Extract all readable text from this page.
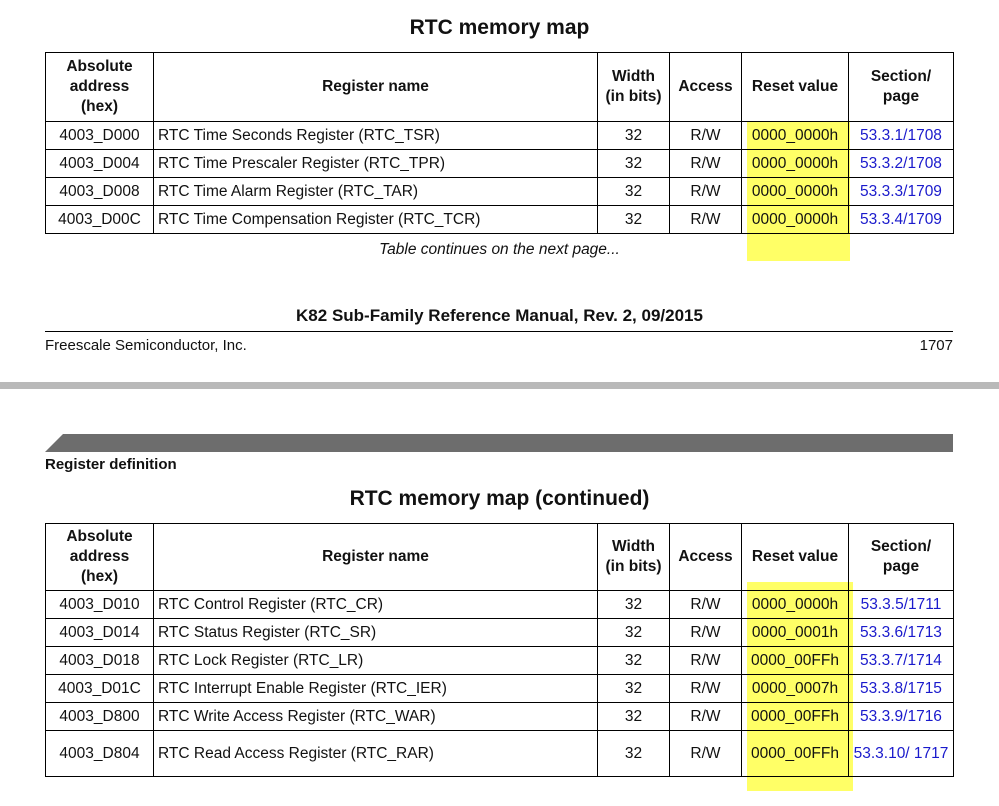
RTC memory map
Absolute address (hex)	Register name	Width (in bits)	Access	Reset value	Section/ page
4003_D000	RTC Time Seconds Register (RTC_TSR)	32	R/W	0000_0000h	53.3.1/1708
4003_D004	RTC Time Prescaler Register (RTC_TPR)	32	R/W	0000_0000h	53.3.2/1708
4003_D008	RTC Time Alarm Register (RTC_TAR)	32	R/W	0000_0000h	53.3.3/1709
4003_D00C	RTC Time Compensation Register (RTC_TCR)	32	R/W	0000_0000h	53.3.4/1709
Table continues on the next page...
K82 Sub-Family Reference Manual, Rev. 2, 09/2015
Freescale Semiconductor, Inc.	1707
Register definition
RTC memory map (continued)
Absolute address (hex)	Register name	Width (in bits)	Access	Reset value	Section/ page
4003_D010	RTC Control Register (RTC_CR)	32	R/W	0000_0000h	53.3.5/1711
4003_D014	RTC Status Register (RTC_SR)	32	R/W	0000_0001h	53.3.6/1713
4003_D018	RTC Lock Register (RTC_LR)	32	R/W	0000_00FFh	53.3.7/1714
4003_D01C	RTC Interrupt Enable Register (RTC_IER)	32	R/W	0000_0007h	53.3.8/1715
4003_D800	RTC Write Access Register (RTC_WAR)	32	R/W	0000_00FFh	53.3.9/1716
4003_D804	RTC Read Access Register (RTC_RAR)	32	R/W	0000_00FFh	53.3.10/ 1717
